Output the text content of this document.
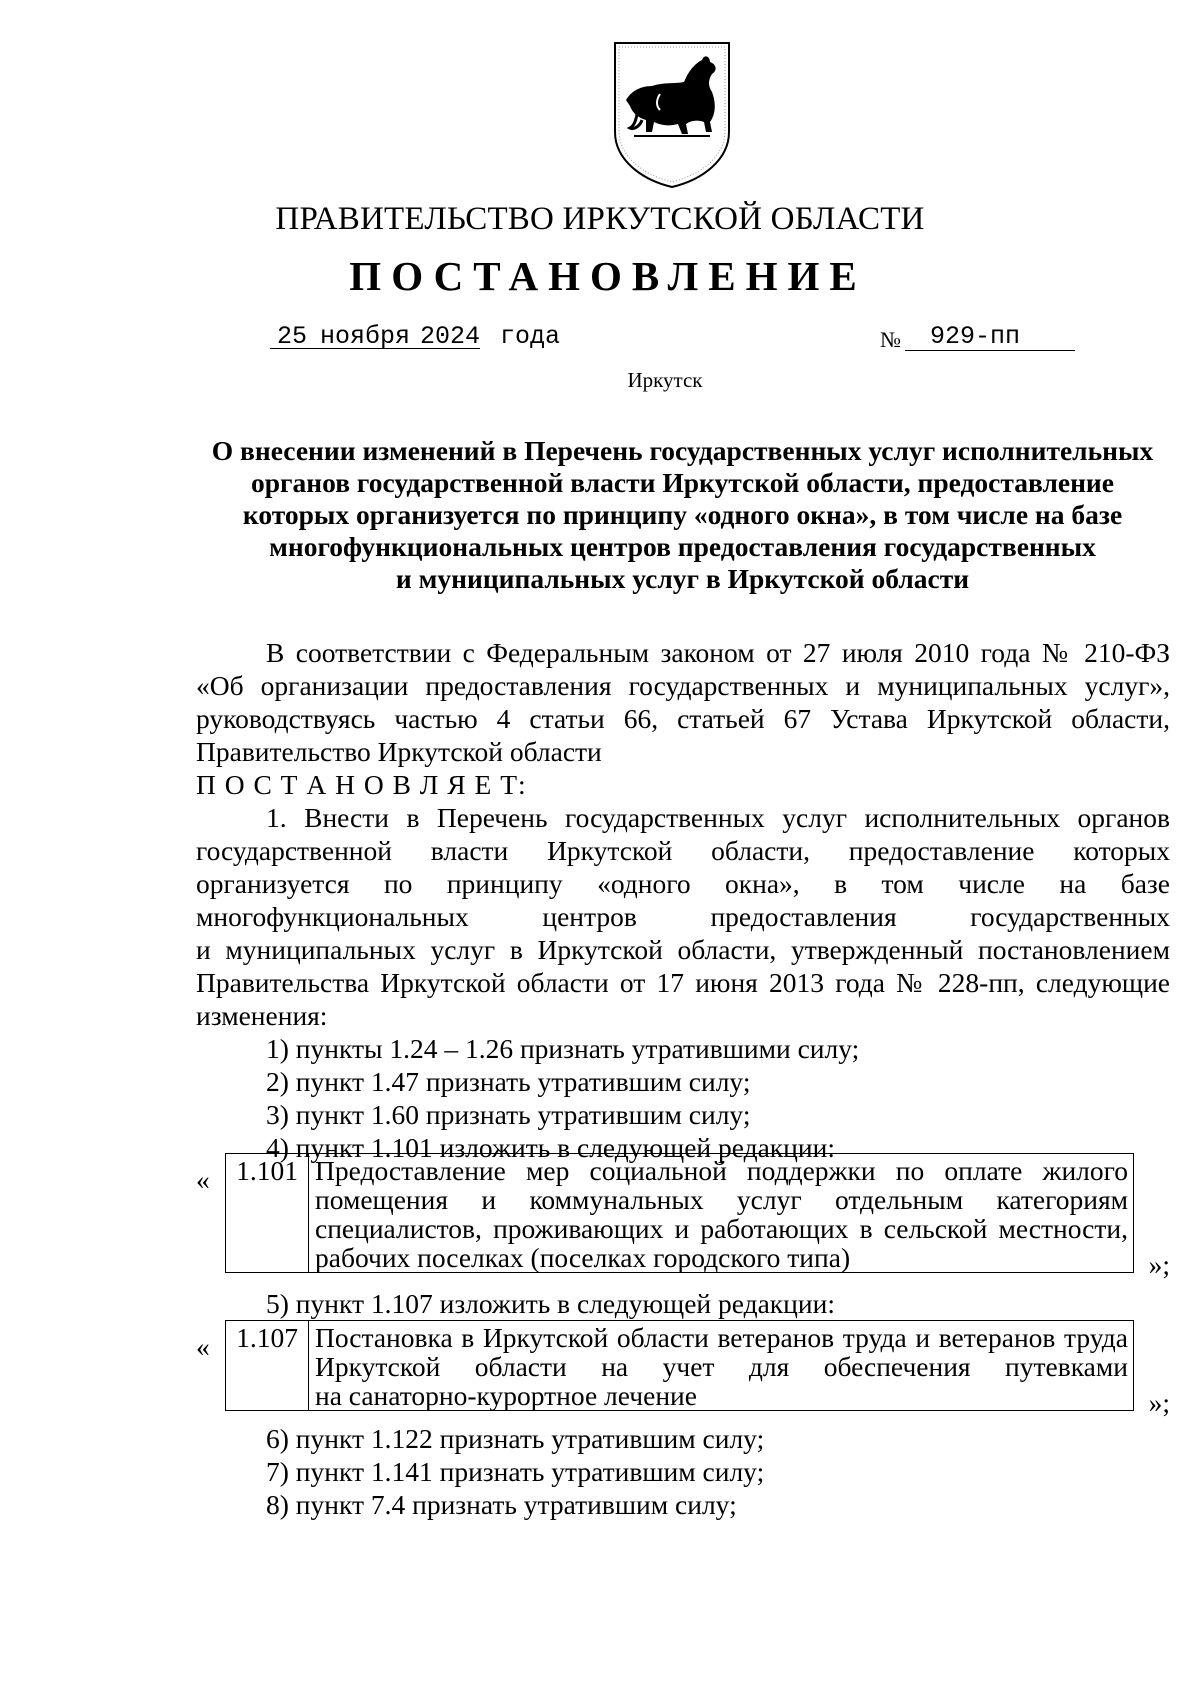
ПРАВИТЕЛЬСТВО ИРКУТСКОЙ ОБЛАСТИ
ПОСТАНОВЛЕНИЕ
25 ноября 2024 года	№ 929-пп
Иркутск
О внесении изменений в Перечень государственных услуг исполнительных
органов государственной власти Иркутской области, предоставление
которых организуется по принципу «одного окна», в том числе на базе
многофункциональных центров предоставления государственных
и муниципальных услуг в Иркутской области
В соответствии с Федеральным законом от 27 июля 2010 года № 210-ФЗ
«Об организации предоставления государственных и муниципальных услуг»,
руководствуясь частью 4 статьи 66, статьей 67 Устава Иркутской области,
Правительство Иркутской области
П О С Т А Н О В Л Я Е Т:
1. Внести в Перечень государственных услуг исполнительных органов
государственной власти Иркутской области, предоставление которых
организуется по принципу «одного окна», в том числе на базе
многофункциональных центров предоставления государственных
и муниципальных услуг в Иркутской области, утвержденный постановлением
Правительства Иркутской области от 17 июня 2013 года № 228-пп, следующие
изменения:
1) пункты 1.24 – 1.26 признать утратившими силу;
2) пункт 1.47 признать утратившим силу;
3) пункт 1.60 признать утратившим силу;
4) пункт 1.101 изложить в следующей редакции:
« 1.101	Предоставление мер социальной поддержки по оплате жилого
помещения и коммунальных услуг отдельным категориям
специалистов, проживающих и работающих в сельской местности,
рабочих поселках (поселках городского типа)	»;
5) пункт 1.107 изложить в следующей редакции:
« 1.107	Постановка в Иркутской области ветеранов труда и ветеранов труда
Иркутской области на учет для обеспечения путевками
на санаторно-курортное лечение	»;
6) пункт 1.122 признать утратившим силу;
7) пункт 1.141 признать утратившим силу;
8) пункт 7.4 признать утратившим силу;
